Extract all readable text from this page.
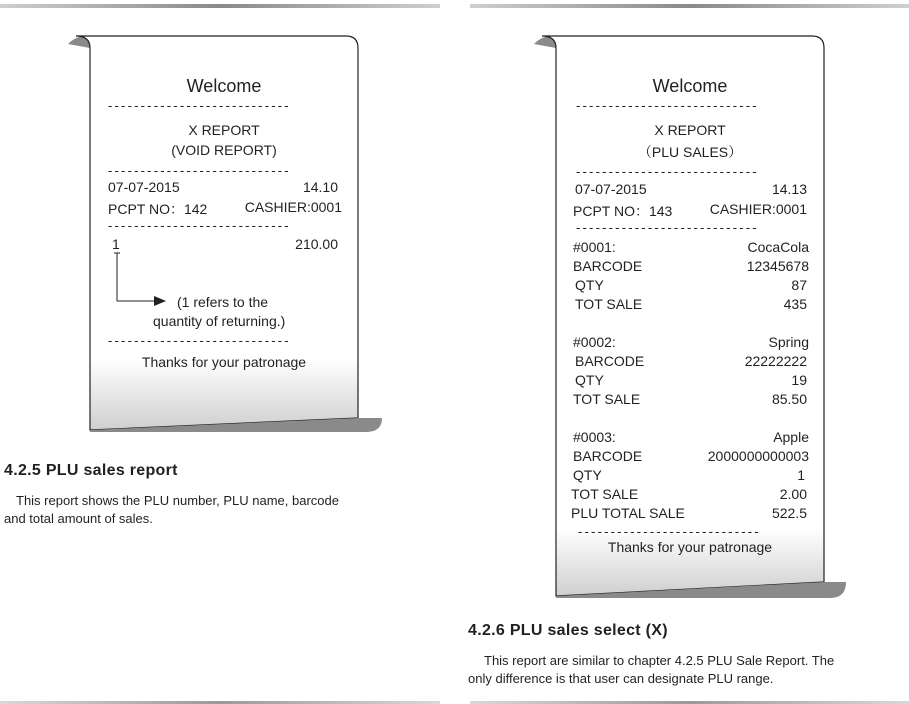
Welcome
----------------------------
X REPORT
(VOID REPORT)
----------------------------
07-07-2015	14.10
PCPT NO：142	CASHIER:0001
----------------------------
1	210.00
(1 refers to the
quantity of returning.)
----------------------------
Thanks for your patronage
4.2.5 PLU sales report
This report shows the PLU number, PLU name, barcode
and total amount of sales.
Welcome
----------------------------
X REPORT
（PLU SALES）
----------------------------
07-07-2015	14.13
PCPT NO：143	CASHIER:0001
----------------------------
#0001:	CocaCola
BARCODE	12345678
QTY	87
TOT SALE	435
#0002:	Spring
BARCODE	22222222
QTY	19
TOT SALE	85.50
#0003:	Apple
BARCODE	2000000000003
QTY	1
TOT SALE	2.00
PLU TOTAL SALE	522.5
----------------------------
Thanks for your patronage
4.2.6 PLU sales select (X)
This report are similar to chapter 4.2.5 PLU Sale Report. The
only difference is that user can designate PLU range.
